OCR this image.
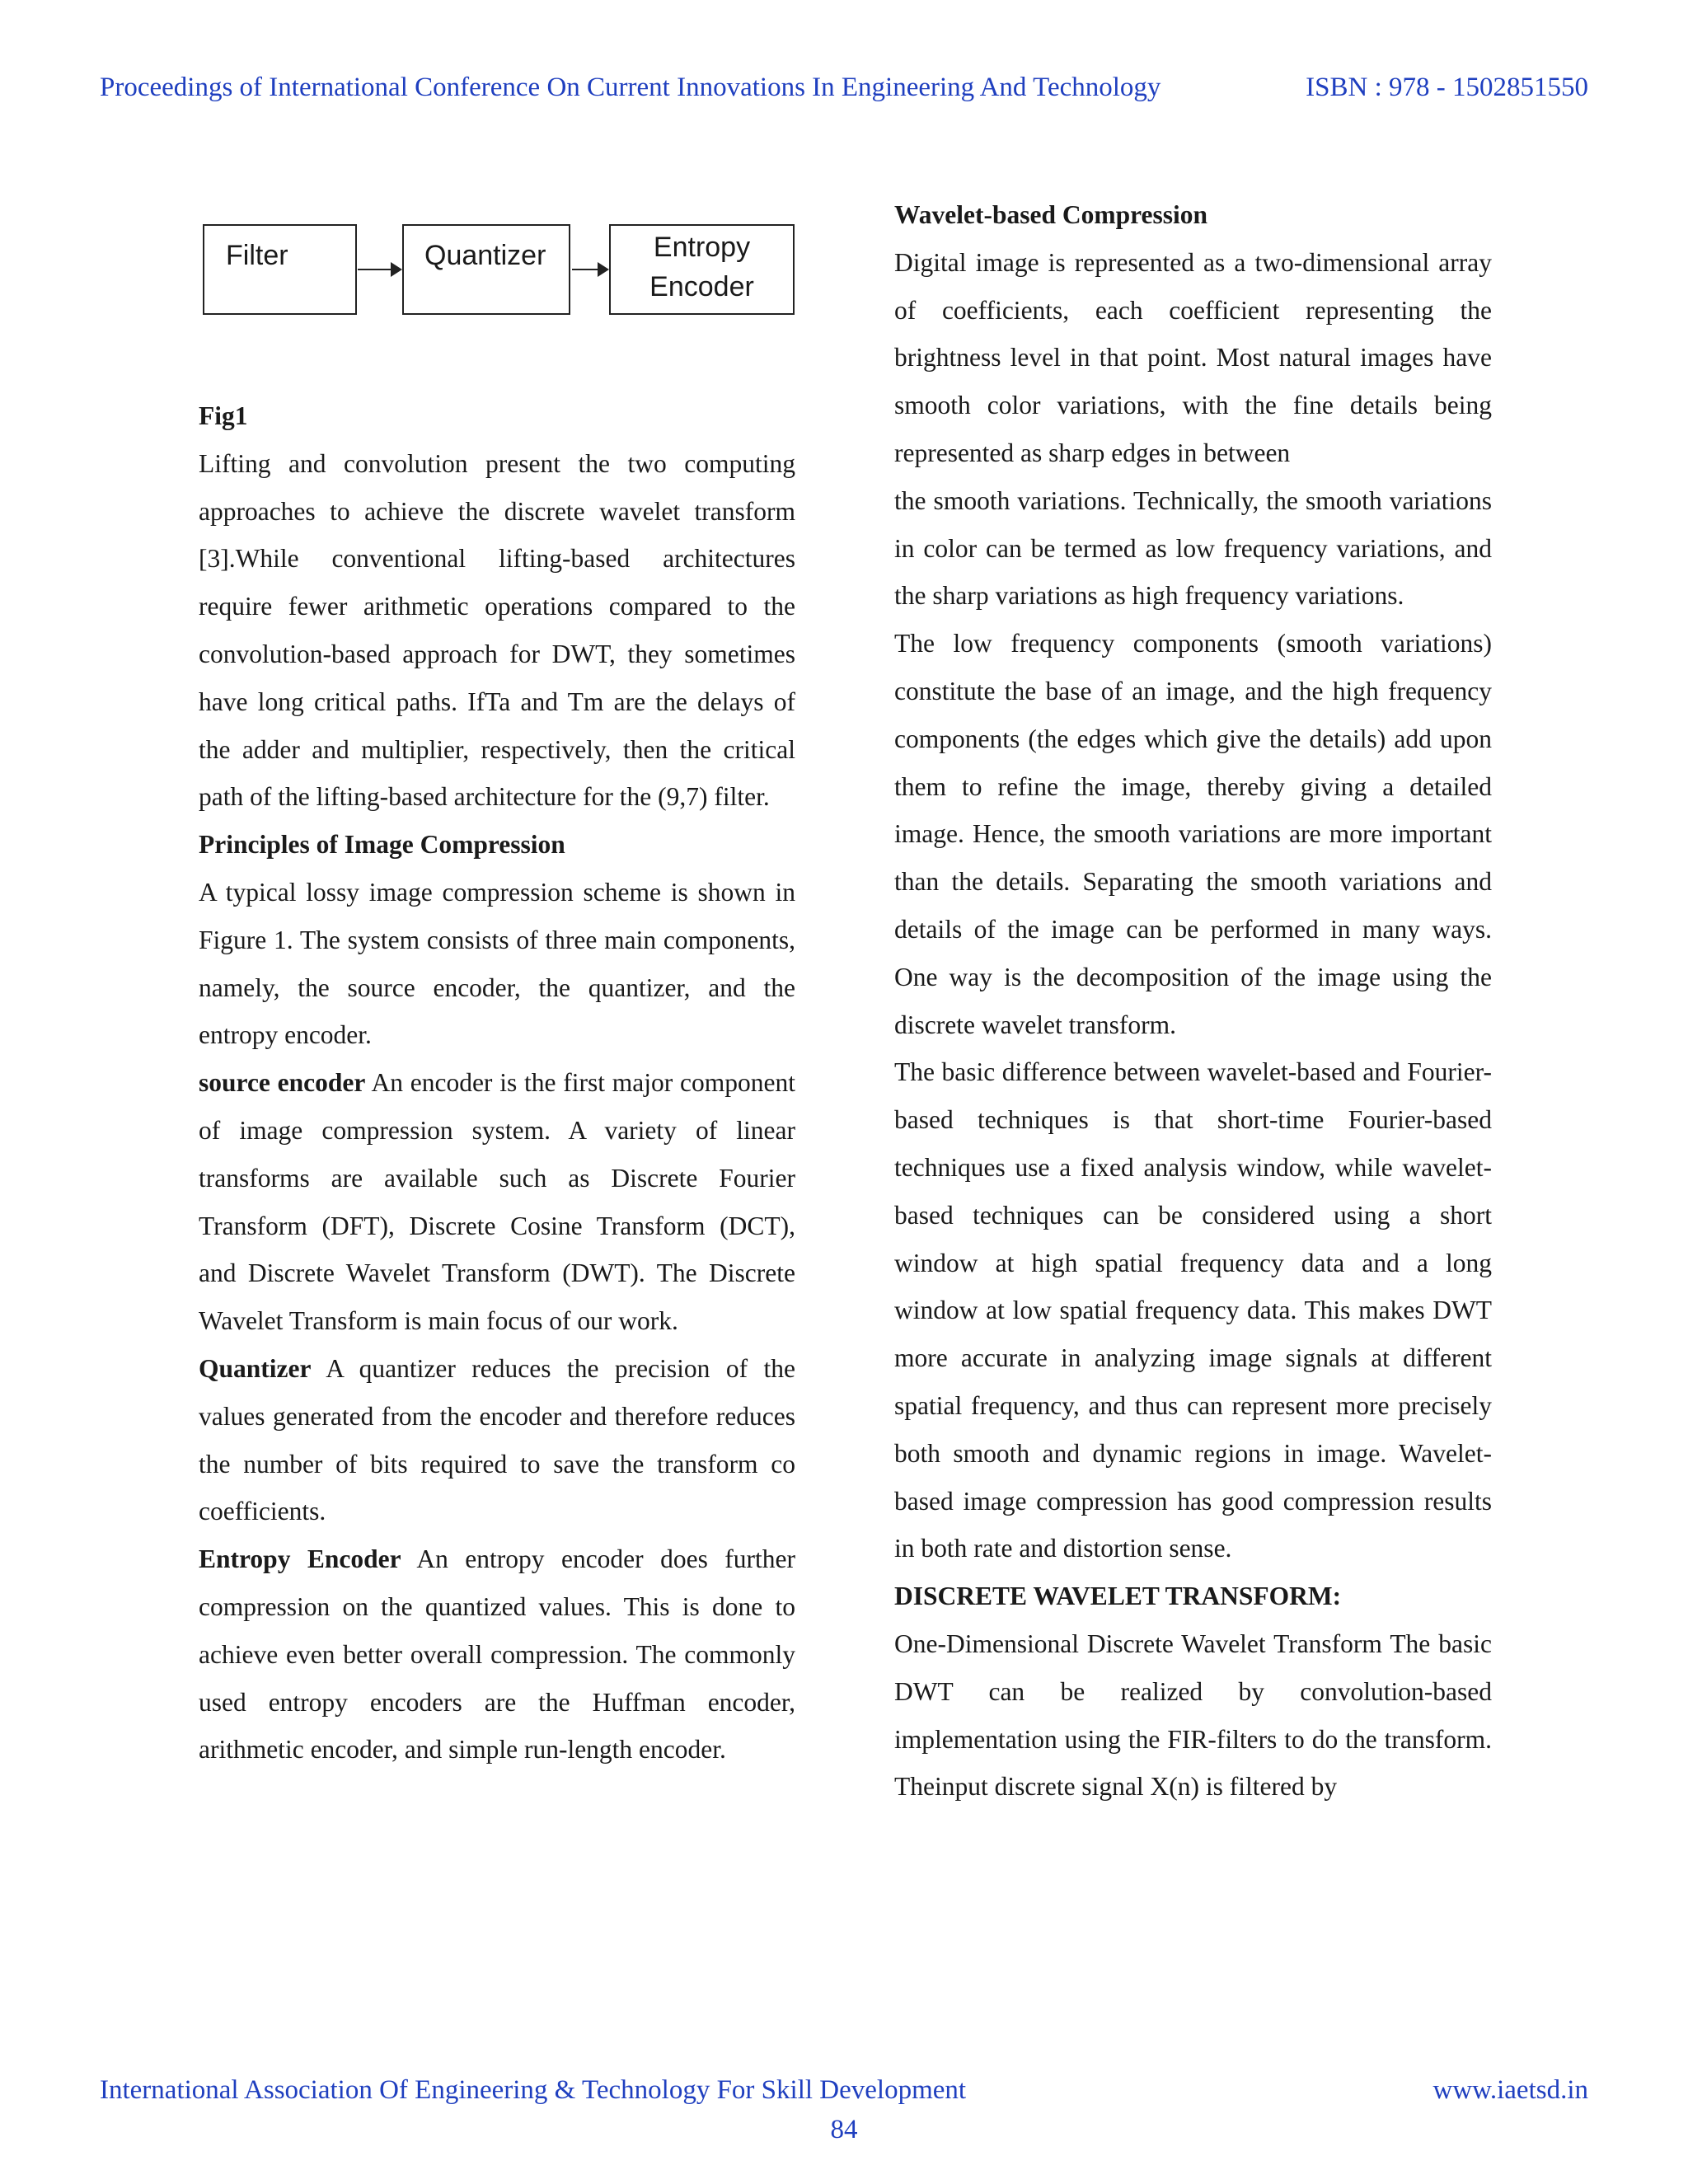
Proceedings of International Conference On Current Innovations In Engineering And Technology	ISBN : 978 - 1502851550
Filter	Quantizer	Entropy
Encoder

Fig1

Lifting and convolution present the two computing approaches to achieve the discrete wavelet transform [3].While conventional lifting-based architectures require fewer arithmetic operations compared to the convolution-based approach for DWT, they sometimes have long critical paths. IfTa and Tm are the delays of the adder and multiplier, respectively, then the critical path of the lifting-based architecture for the (9,7) filter.

Principles of Image Compression

A typical lossy image compression scheme is shown in Figure 1. The system consists of three main components, namely, the source encoder, the quantizer, and the entropy encoder.

source encoder An encoder is the first major component of image compression system. A variety of linear transforms are available such as Discrete Fourier Transform (DFT), Discrete Cosine Transform (DCT), and Discrete Wavelet Transform (DWT). The Discrete Wavelet Transform is main focus of our work.

Quantizer A quantizer reduces the precision of the values generated from the encoder and therefore reduces the number of bits required to save the transform co coefficients.

Entropy Encoder An entropy encoder does further compression on the quantized values. This is done to achieve even better overall compression. The commonly used entropy encoders are the Huffman encoder, arithmetic encoder, and simple run-length encoder.

Wavelet-based Compression

Digital image is represented as a two-dimensional array of coefficients, each coefficient representing the brightness level in that point. Most natural images have smooth color variations, with the fine details being represented as sharp edges in between

the smooth variations. Technically, the smooth variations in color can be termed as low frequency variations, and the sharp variations as high frequency variations.

The low frequency components (smooth variations) constitute the base of an image, and the high frequency components (the edges which give the details) add upon them to refine the image, thereby giving a detailed image. Hence, the smooth variations are more important than the details. Separating the smooth variations and details of the image can be performed in many ways. One way is the decomposition of the image using the discrete wavelet transform.

The basic difference between wavelet-based and Fourier-based techniques is that short-time Fourier-based techniques use a fixed analysis window, while wavelet-based techniques can be considered using a short window at high spatial frequency data and a long window at low spatial frequency data. This makes DWT more accurate in analyzing image signals at different spatial frequency, and thus can represent more precisely both smooth and dynamic regions in image. Wavelet-based image compression has good compression results in both rate and distortion sense.

DISCRETE WAVELET TRANSFORM:

One-Dimensional Discrete Wavelet Transform The basic DWT can be realized by convolution-based implementation using the FIR-filters to do the transform. Theinput discrete signal X(n) is filtered by

International Association Of Engineering & Technology For Skill Development	www.iaetsd.in
84
